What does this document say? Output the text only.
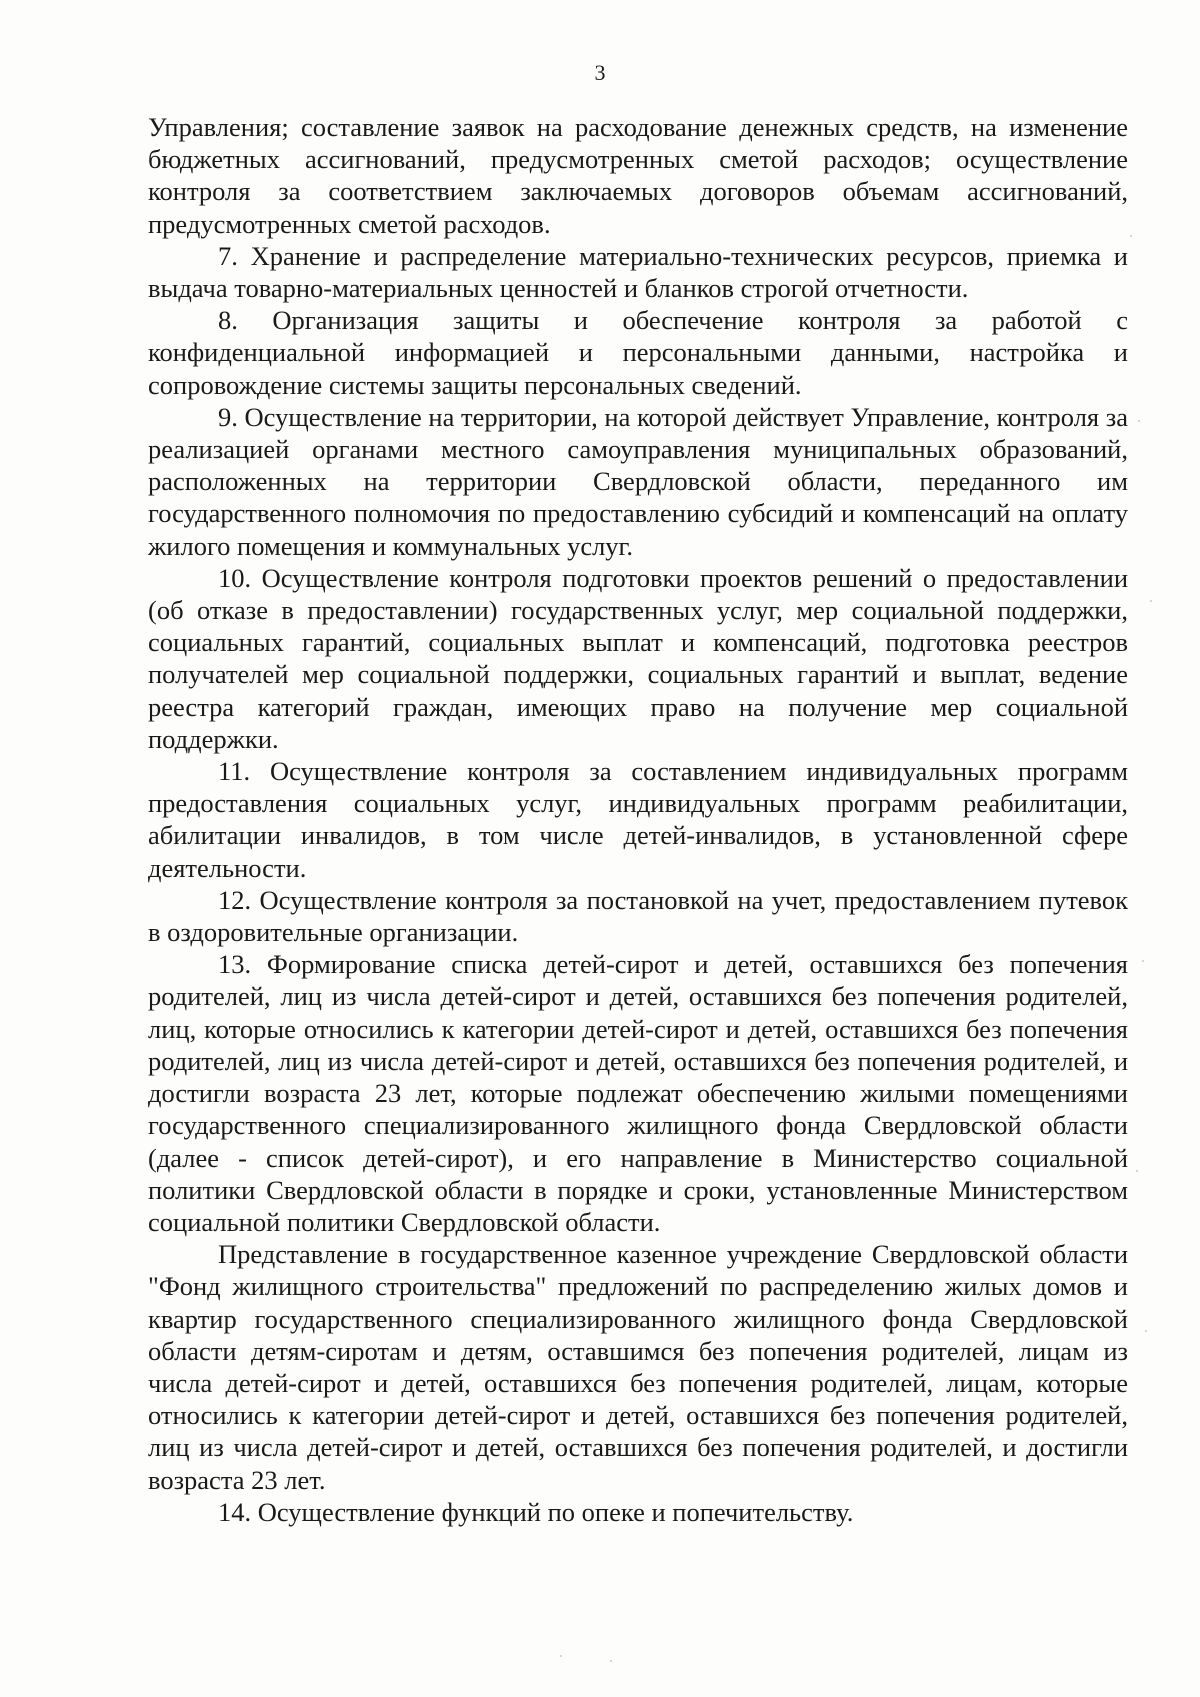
3

Управления; составление заявок на расходование денежных средств, на изменение бюджетных ассигнований, предусмотренных сметой расходов; осуществление контроля за соответствием заключаемых договоров объемам ассигнований, предусмотренных сметой расходов.

7. Хранение и распределение материально-технических ресурсов, приемка и выдача товарно-материальных ценностей и бланков строгой отчетности.

8. Организация защиты и обеспечение контроля за работой с конфиденциальной информацией и персональными данными, настройка и сопровождение системы защиты персональных сведений.

9. Осуществление на территории, на которой действует Управление, контроля за реализацией органами местного самоуправления муниципальных образований, расположенных на территории Свердловской области, переданного им государственного полномочия по предоставлению субсидий и компенсаций на оплату жилого помещения и коммунальных услуг.

10. Осуществление контроля подготовки проектов решений о предоставлении (об отказе в предоставлении) государственных услуг, мер социальной поддержки, социальных гарантий, социальных выплат и компенсаций, подготовка реестров получателей мер социальной поддержки, социальных гарантий и выплат, ведение реестра категорий граждан, имеющих право на получение мер социальной поддержки.

11. Осуществление контроля за составлением индивидуальных программ предоставления социальных услуг, индивидуальных программ реабилитации, абилитации инвалидов, в том числе детей-инвалидов, в установленной сфере деятельности.

12. Осуществление контроля за постановкой на учет, предоставлением путевок в оздоровительные организации.

13. Формирование списка детей-сирот и детей, оставшихся без попечения родителей, лиц из числа детей-сирот и детей, оставшихся без попечения родителей, лиц, которые относились к категории детей-сирот и детей, оставшихся без попечения родителей, лиц из числа детей-сирот и детей, оставшихся без попечения родителей, и достигли возраста 23 лет, которые подлежат обеспечению жилыми помещениями государственного специализированного жилищного фонда Свердловской области (далее - список детей-сирот), и его направление в Министерство социальной политики Свердловской области в порядке и сроки, установленные Министерством социальной политики Свердловской области.

Представление в государственное казенное учреждение Свердловской области "Фонд жилищного строительства" предложений по распределению жилых домов и квартир государственного специализированного жилищного фонда Свердловской области детям-сиротам и детям, оставшимся без попечения родителей, лицам из числа детей-сирот и детей, оставшихся без попечения родителей, лицам, которые относились к категории детей-сирот и детей, оставшихся без попечения родителей, лиц из числа детей-сирот и детей, оставшихся без попечения родителей, и достигли возраста 23 лет.

14. Осуществление функций по опеке и попечительству.
